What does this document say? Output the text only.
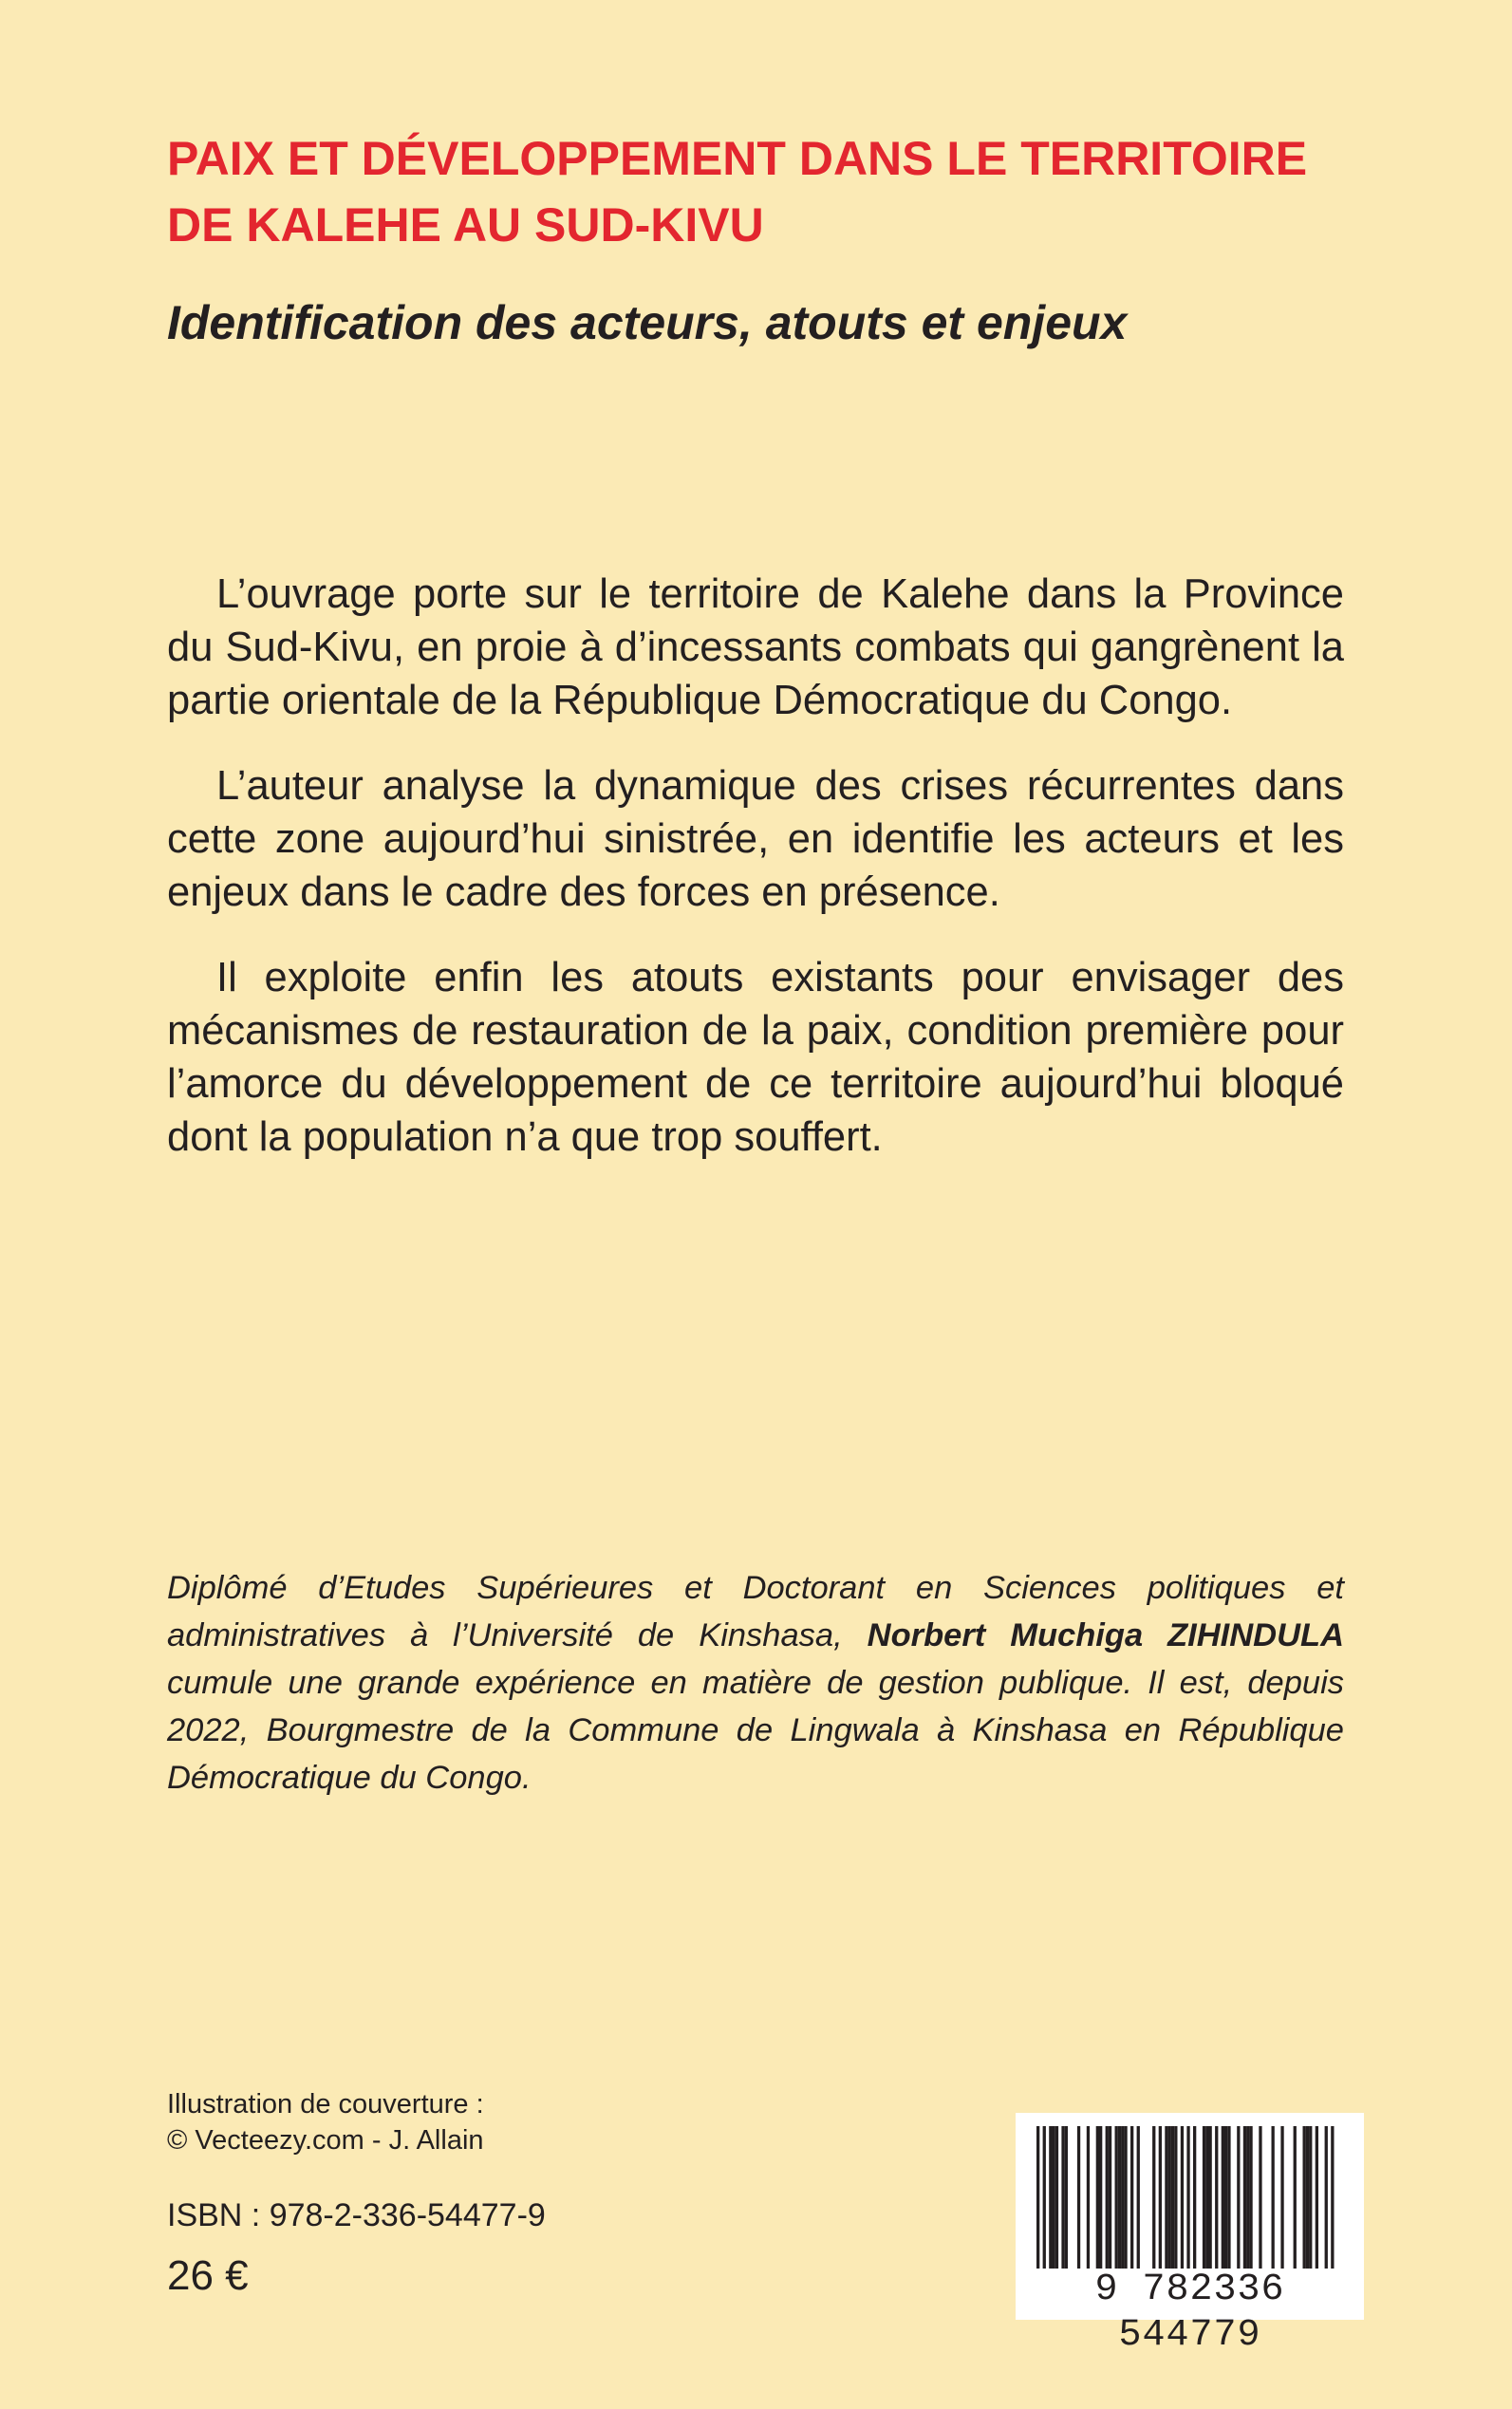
PAIX ET DÉVELOPPEMENT DANS LE TERRITOIRE DE KALEHE AU SUD-KIVU
Identification des acteurs, atouts et enjeux

L’ouvrage porte sur le territoire de Kalehe dans la Province du Sud-Kivu, en proie à d’incessants combats qui gangrènent la partie orientale de la République Démocratique du Congo.

L’auteur analyse la dynamique des crises récurrentes dans cette zone aujourd’hui sinistrée, en identifie les acteurs et les enjeux dans le cadre des forces en présence.

Il exploite enfin les atouts existants pour envisager des mécanismes de restauration de la paix, condition première pour l’amorce du développement de ce territoire aujourd’hui bloqué dont la population n’a que trop souffert.

Diplômé d’Etudes Supérieures et Doctorant en Sciences politiques et administratives à l’Université de Kinshasa, Norbert Muchiga ZIHINDULA cumule une grande expérience en matière de gestion publique. Il est, depuis 2022, Bourgmestre de la Commune de Lingwala à Kinshasa en République Démocratique du Congo.

Illustration de couverture :
© Vecteezy.com - J. Allain
ISBN : 978-2-336-54477-9
26 €	9 782336 544779
